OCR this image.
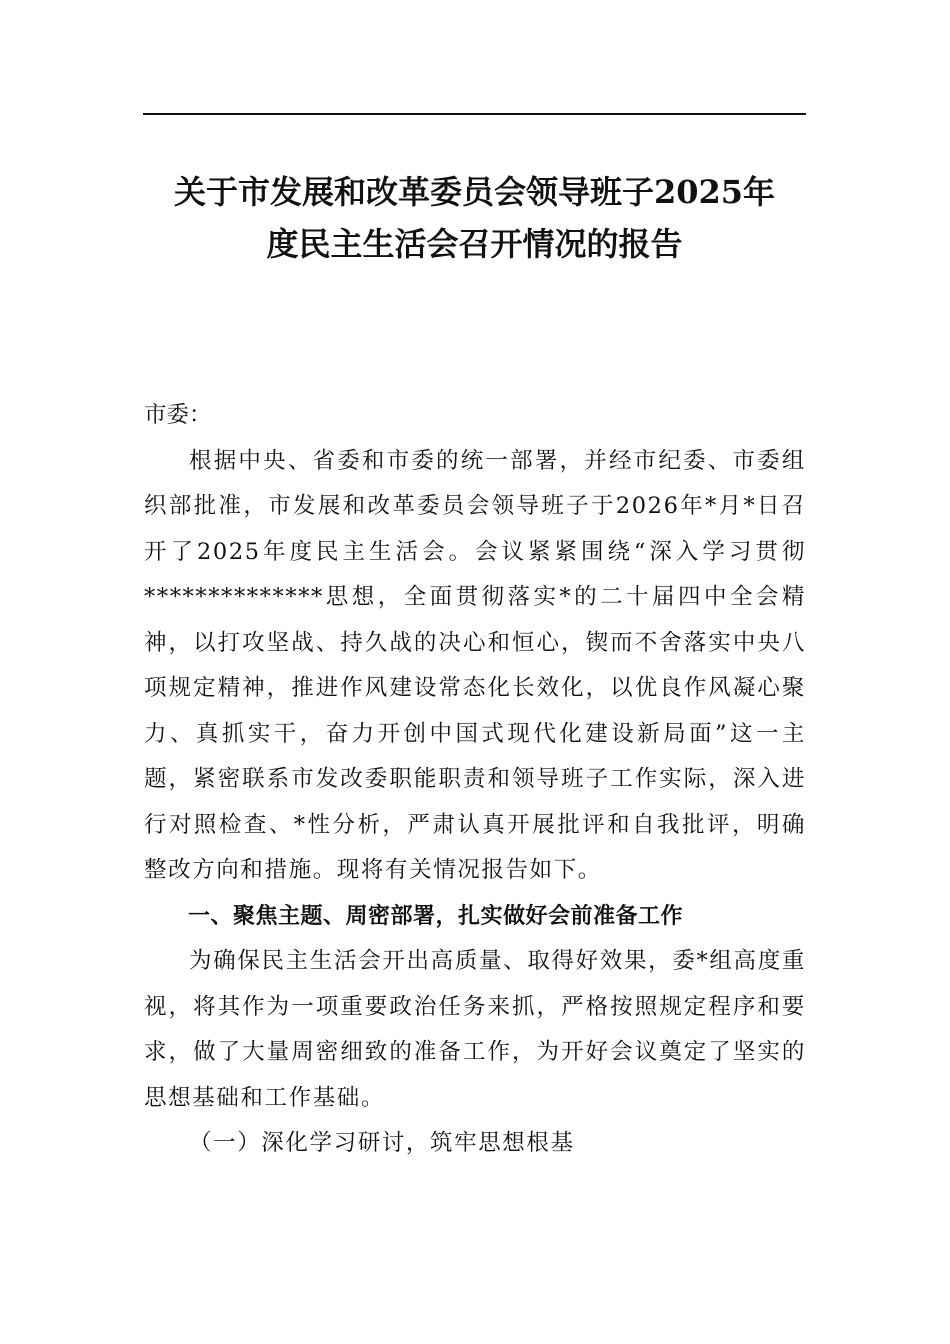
关于市发展和改革委员会领导班子2025年
度民主生活会召开情况的报告

市委：

根据中央、省委和市委的统一部署，并经市纪委、市委组织部批准，市发展和改革委员会领导班子于2026年*月*日召开了2025年度民主生活会。会议紧紧围绕“深入学习贯彻**************思想，全面贯彻落实*的二十届四中全会精神，以打攻坚战、持久战的决心和恒心，锲而不舍落实中央八项规定精神，推进作风建设常态化长效化，以优良作风凝心聚力、真抓实干，奋力开创中国式现代化建设新局面”这一主题，紧密联系市发改委职能职责和领导班子工作实际，深入进行对照检查、*性分析，严肃认真开展批评和自我批评，明确整改方向和措施。现将有关情况报告如下。

一、聚焦主题、周密部署，扎实做好会前准备工作

为确保民主生活会开出高质量、取得好效果，委*组高度重视，将其作为一项重要政治任务来抓，严格按照规定程序和要求，做了大量周密细致的准备工作，为开好会议奠定了坚实的思想基础和工作基础。

（一）深化学习研讨，筑牢思想根基
